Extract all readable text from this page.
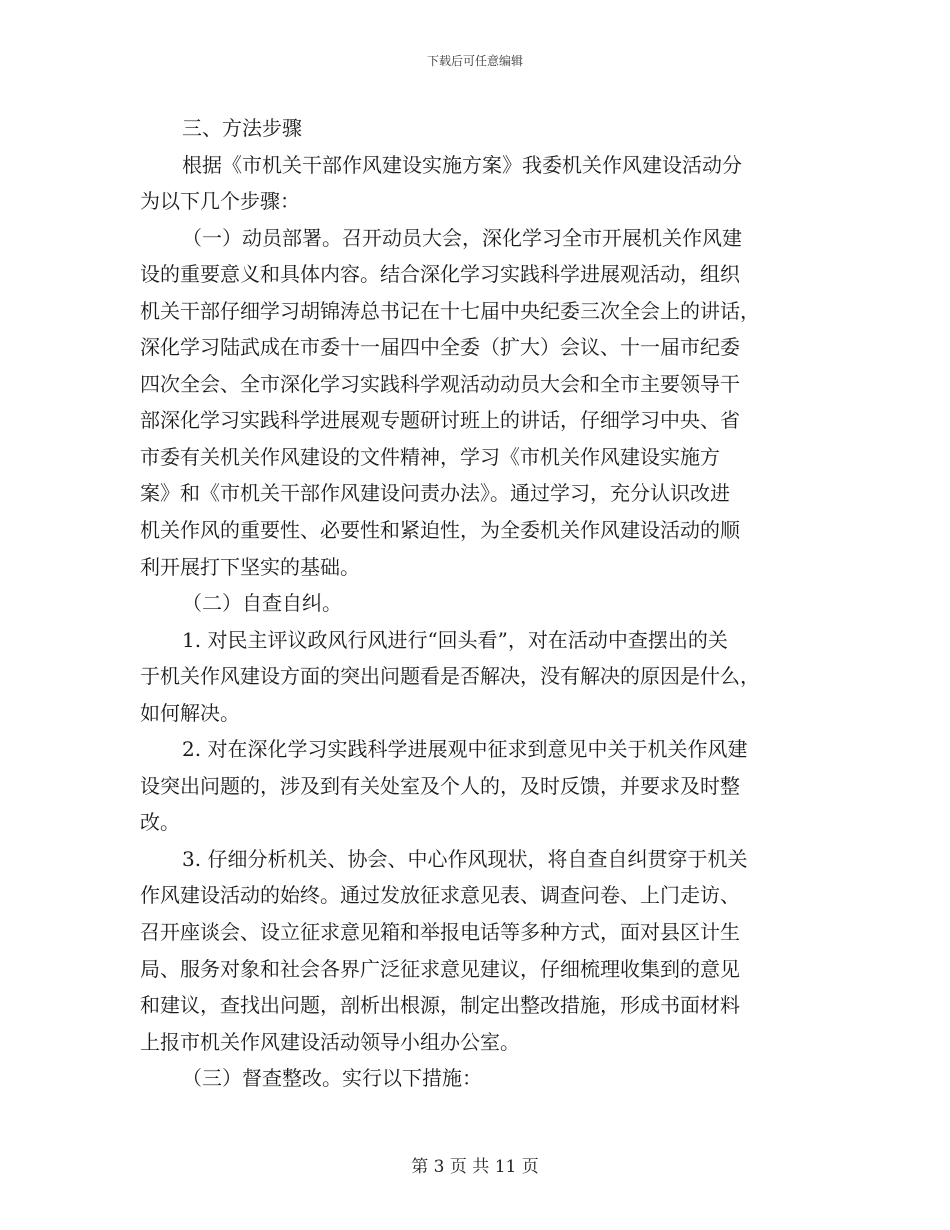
下载后可任意编辑
三、方法步骤
根据《市机关干部作风建设实施方案》我委机关作风建设活动分
为以下几个步骤：
（一）动员部署。召开动员大会，深化学习全市开展机关作风建
设的重要意义和具体内容。结合深化学习实践科学进展观活动，组织
机关干部仔细学习胡锦涛总书记在十七届中央纪委三次全会上的讲话，
深化学习陆武成在市委十一届四中全委（扩大）会议、十一届市纪委
四次全会、全市深化学习实践科学观活动动员大会和全市主要领导干
部深化学习实践科学进展观专题研讨班上的讲话，仔细学习中央、省
市委有关机关作风建设的文件精神，学习《市机关作风建设实施方
案》和《市机关干部作风建设问责办法》。通过学习，充分认识改进
机关作风的重要性、必要性和紧迫性，为全委机关作风建设活动的顺
利开展打下坚实的基础。
（二）自查自纠。
1. 对民主评议政风行风进行“回头看”，对在活动中查摆出的关
于机关作风建设方面的突出问题看是否解决，没有解决的原因是什么，
如何解决。
2. 对在深化学习实践科学进展观中征求到意见中关于机关作风建
设突出问题的，涉及到有关处室及个人的，及时反馈，并要求及时整
改。
3. 仔细分析机关、协会、中心作风现状，将自查自纠贯穿于机关
作风建设活动的始终。通过发放征求意见表、调查问卷、上门走访、
召开座谈会、设立征求意见箱和举报电话等多种方式，面对县区计生
局、服务对象和社会各界广泛征求意见建议，仔细梳理收集到的意见
和建议，查找出问题，剖析出根源，制定出整改措施，形成书面材料
上报市机关作风建设活动领导小组办公室。
（三）督查整改。实行以下措施：
第 3 页 共 11 页
